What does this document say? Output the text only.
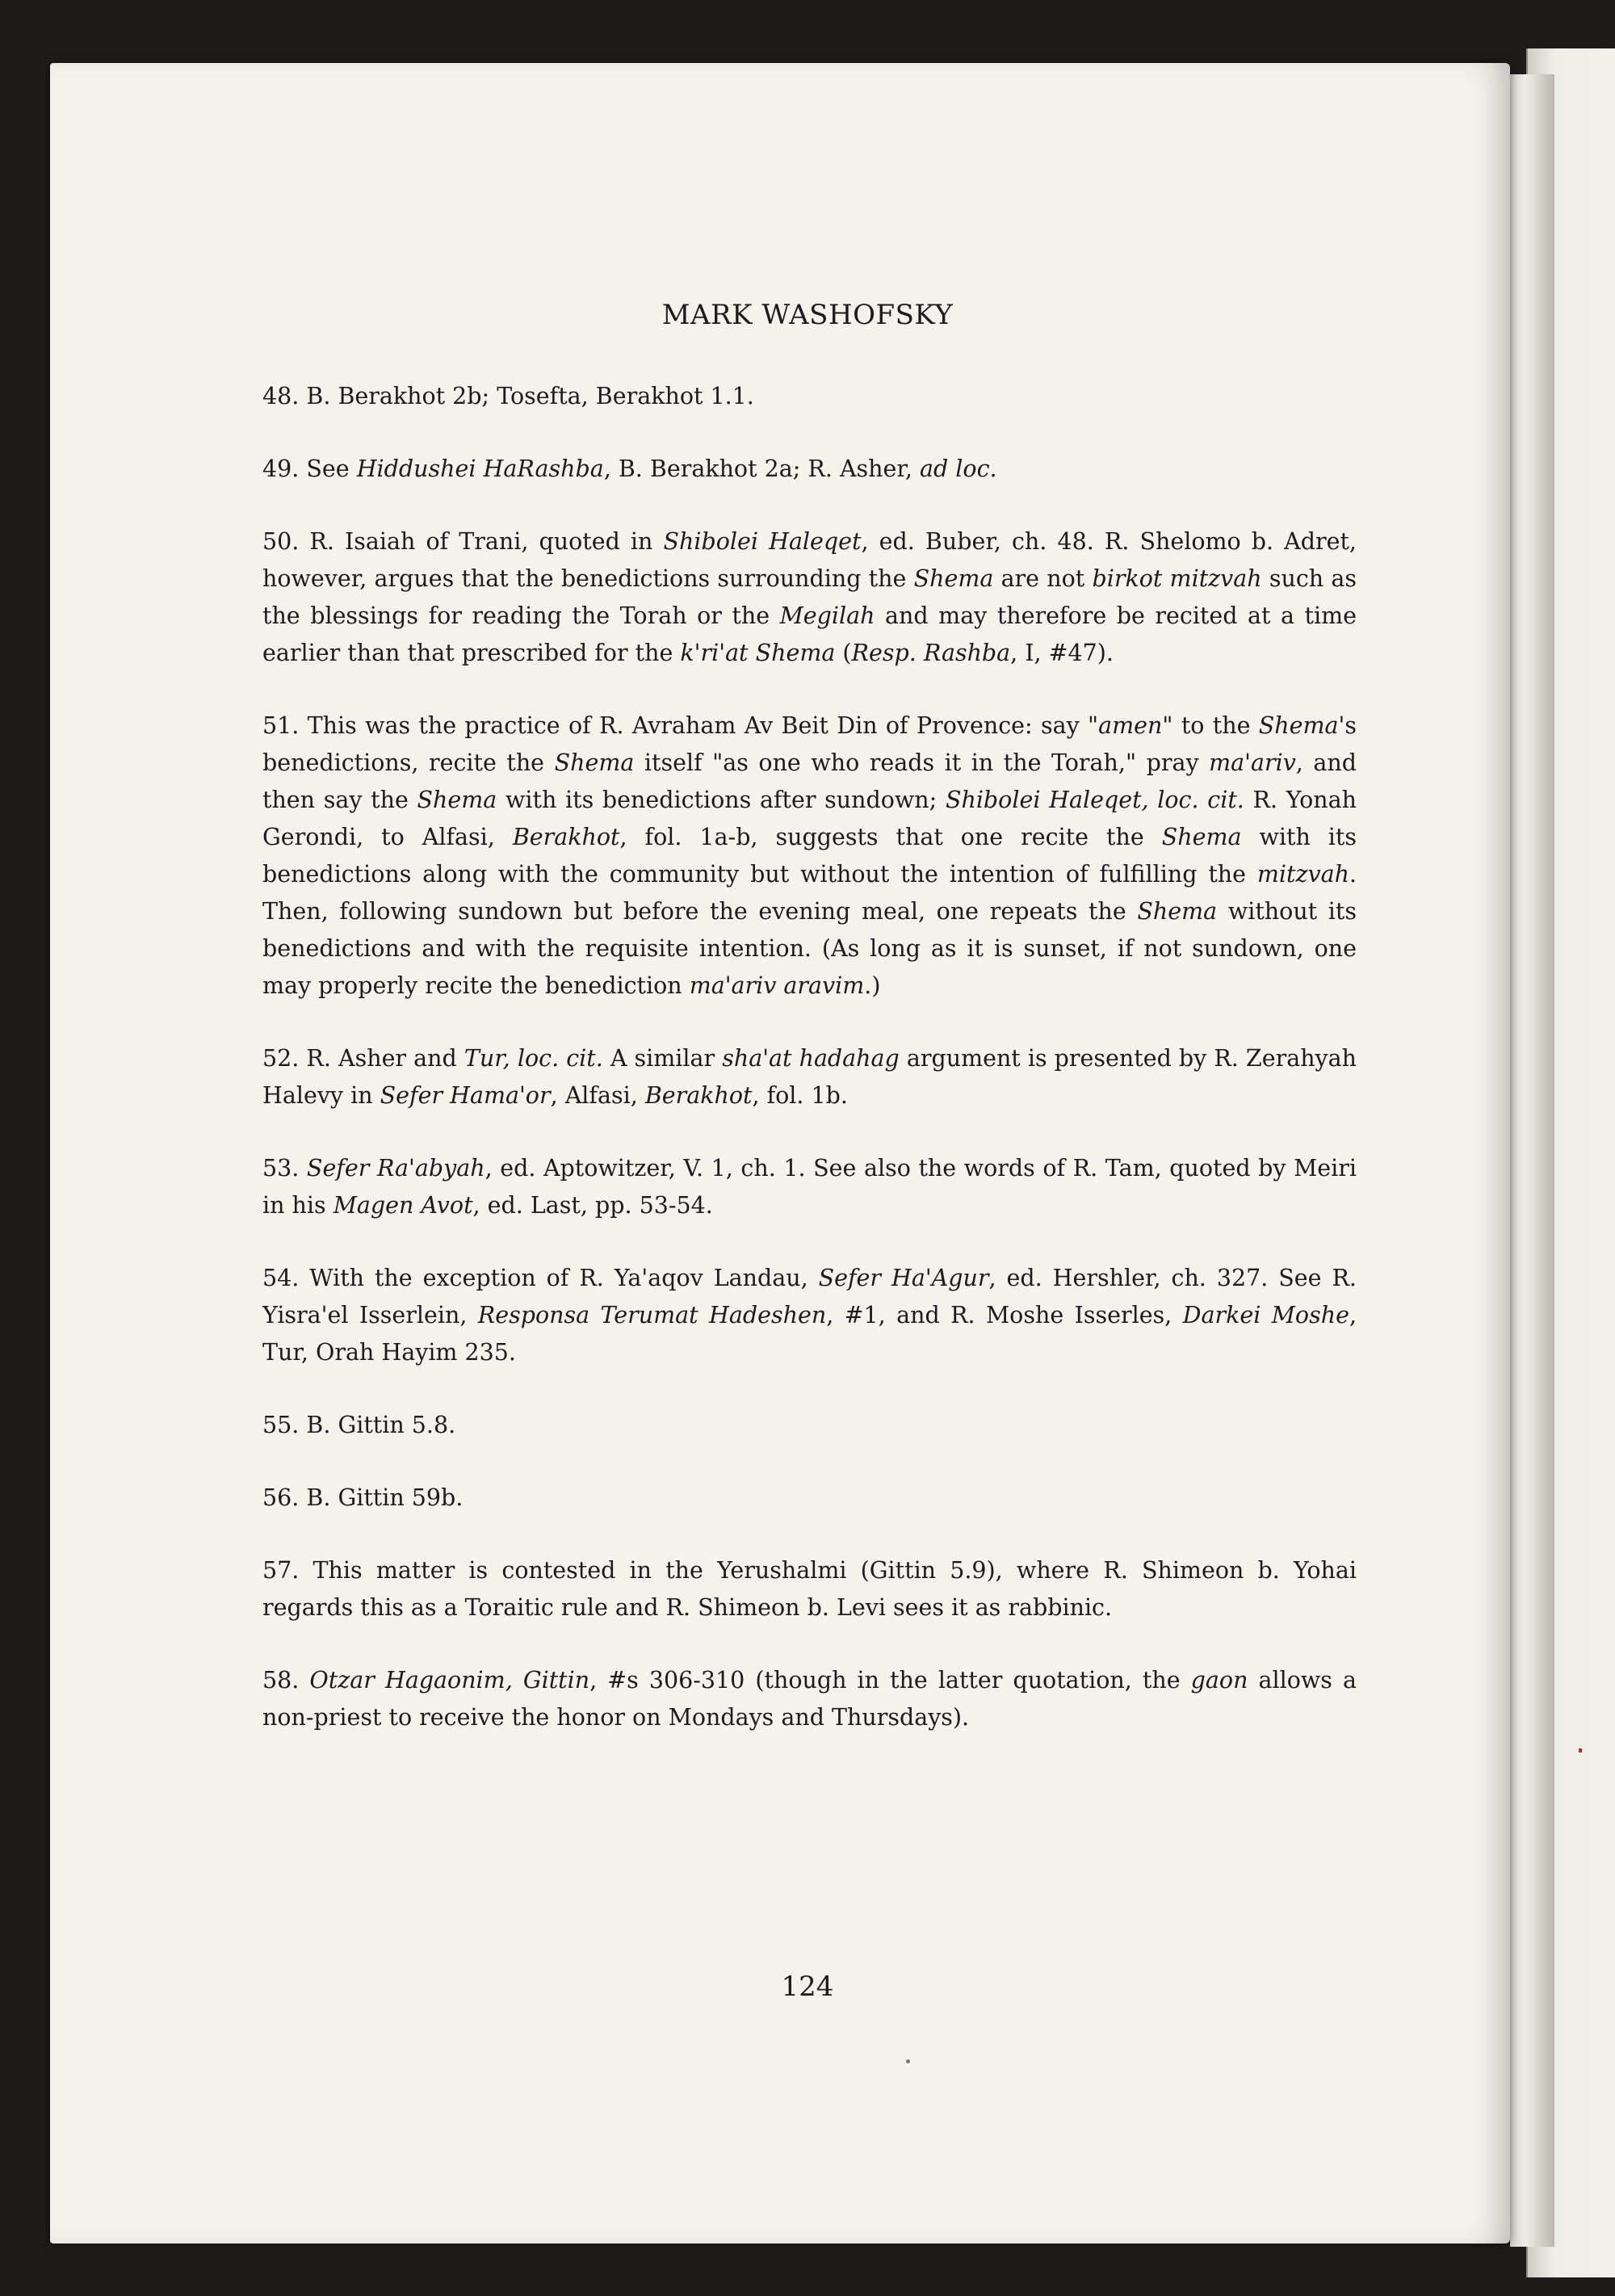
MARK WASHOFSKY

48. B. Berakhot 2b; Tosefta, Berakhot 1.1.

49. See Hiddushei HaRashba, B. Berakhot 2a; R. Asher, ad loc.

50. R. Isaiah of Trani, quoted in Shibolei Haleqet, ed. Buber, ch. 48. R. Shelomo b. Adret, however, argues that the benedictions surrounding the Shema are not birkot mitzvah such as the blessings for reading the Torah or the Megilah and may therefore be recited at a time earlier than that prescribed for the k'ri'at Shema (Resp. Rashba, I, #47).

51. This was the practice of R. Avraham Av Beit Din of Provence: say "amen" to the Shema's benedictions, recite the Shema itself "as one who reads it in the Torah," pray ma'ariv, and then say the Shema with its benedictions after sundown; Shibolei Haleqet, loc. cit. R. Yonah Gerondi, to Alfasi, Berakhot, fol. 1a-b, suggests that one recite the Shema with its benedictions along with the community but without the intention of fulfilling the mitzvah. Then, following sundown but before the evening meal, one repeats the Shema without its benedictions and with the requisite intention. (As long as it is sunset, if not sundown, one may properly recite the benediction ma'ariv aravim.)

52. R. Asher and Tur, loc. cit. A similar sha'at hadahag argument is presented by R. Zerahyah Halevy in Sefer Hama'or, Alfasi, Berakhot, fol. 1b.

53. Sefer Ra'abyah, ed. Aptowitzer, V. 1, ch. 1. See also the words of R. Tam, quoted by Meiri in his Magen Avot, ed. Last, pp. 53-54.

54. With the exception of R. Ya'aqov Landau, Sefer Ha'Agur, ed. Hershler, ch. 327. See R. Yisra'el Isserlein, Responsa Terumat Hadeshen, #1, and R. Moshe Isserles, Darkei Moshe, Tur, Orah Hayim 235.

55. B. Gittin 5.8.

56. B. Gittin 59b.

57. This matter is contested in the Yerushalmi (Gittin 5.9), where R. Shimeon b. Yohai regards this as a Toraitic rule and R. Shimeon b. Levi sees it as rabbinic.

58. Otzar Hagaonim, Gittin, #s 306-310 (though in the latter quotation, the gaon allows a non-priest to receive the honor on Mondays and Thursdays).

124
